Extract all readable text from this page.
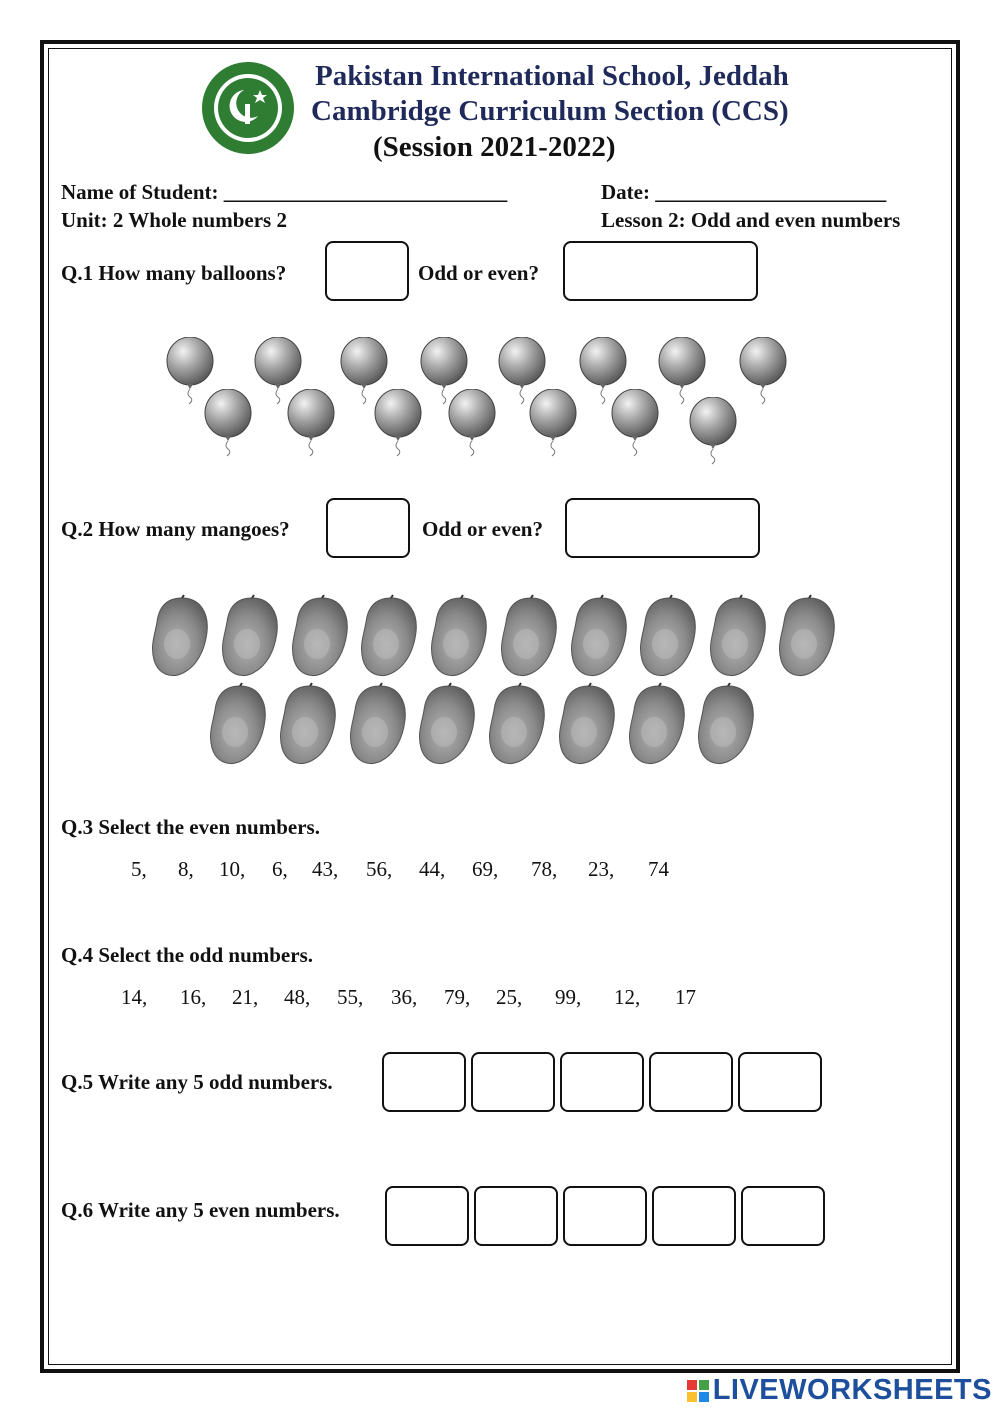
Pakistan International School, Jeddah
Cambridge Curriculum Section (CCS)
(Session 2021-2022)
Name of Student: ___________________________	Date: ______________________
Unit: 2 Whole numbers 2	Lesson 2: Odd and even numbers
Q.1 How many balloons?	Odd or even?
Q.2 How many mangoes?	Odd or even?
Q.3 Select the even numbers.
5, 8, 10, 6, 43, 56, 44, 69, 78, 23, 74
Q.4 Select the odd numbers.
14, 16, 21, 48, 55, 36, 79, 25, 99, 12, 17
Q.5 Write any 5 odd numbers.
Q.6 Write any 5 even numbers.
LIVEWORKSHEETS
